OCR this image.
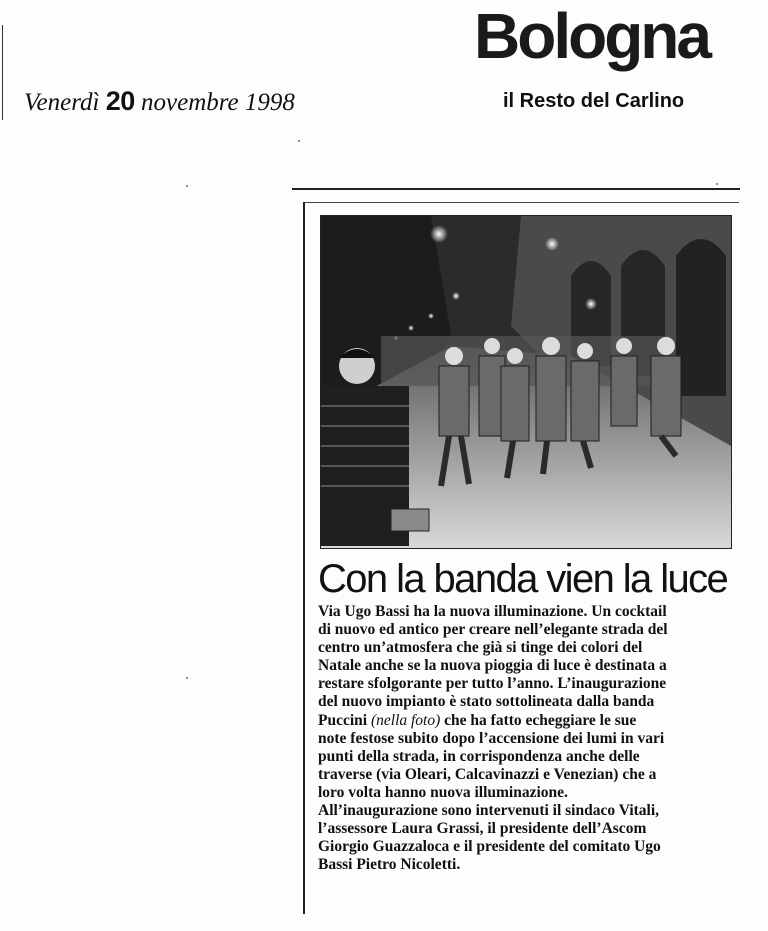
Venerdì 20 novembre 1998
Bologna
il Resto del Carlino
Con la banda vien la luce
Via Ugo Bassi ha la nuova illuminazione. Un cocktail
di nuovo ed antico per creare nell’elegante strada del
centro un’atmosfera che già si tinge dei colori del
Natale anche se la nuova pioggia di luce è destinata a
restare sfolgorante per tutto l’anno. L’inaugurazione
del nuovo impianto è stato sottolineata dalla banda
Puccini (nella foto) che ha fatto echeggiare le sue
note festose subito dopo l’accensione dei lumi in vari
punti della strada, in corrispondenza anche delle
traverse (via Oleari, Calcavinazzi e Venezian) che a
loro volta hanno nuova illuminazione.
All’inaugurazione sono intervenuti il sindaco Vitali,
l’assessore Laura Grassi, il presidente dell’Ascom
Giorgio Guazzaloca e il presidente del comitato Ugo
Bassi Pietro Nicoletti.
